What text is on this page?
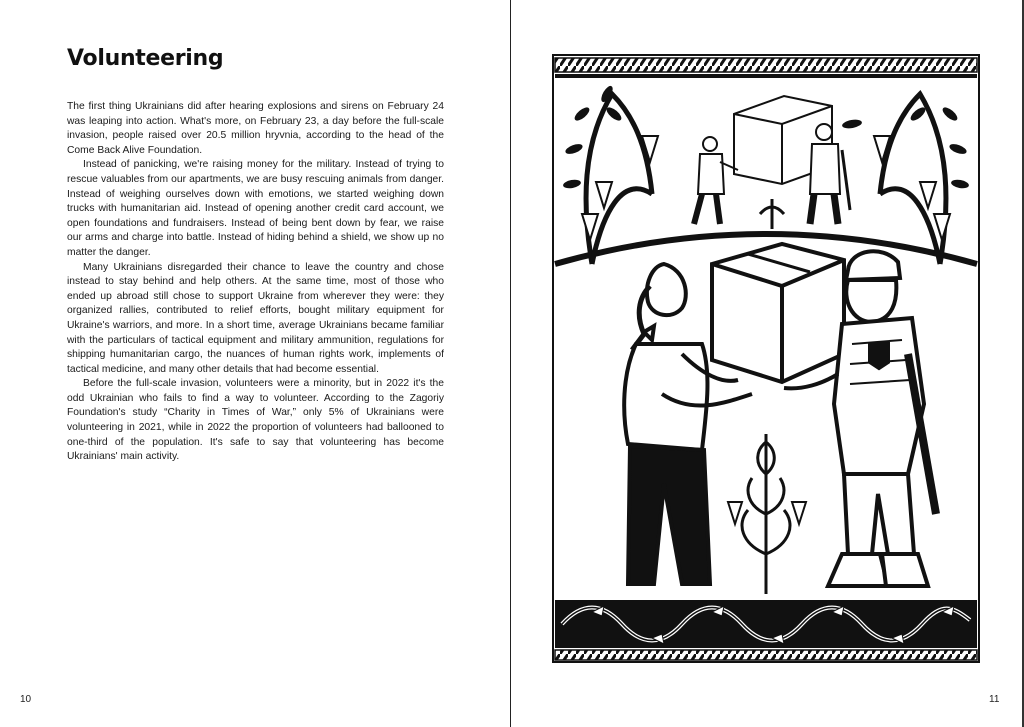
Volunteering

The first thing Ukrainians did after hearing explosions and sirens on February 24 was leaping into action. What's more, on February 23, a day before the full-scale invasion, people raised over 20.5 million hryvnia, according to the head of the Come Back Alive Foundation.

Instead of panicking, we're raising money for the military. Instead of trying to rescue valuables from our apartments, we are busy rescuing animals from danger. Instead of weighing ourselves down with emotions, we started weighing down trucks with humanitarian aid. Instead of opening another credit card account, we open foundations and fundraisers. Instead of being bent down by fear, we raise our arms and charge into battle. Instead of hiding behind a shield, we show up no matter the danger.

Many Ukrainians disregarded their chance to leave the country and chose instead to stay behind and help others. At the same time, most of those who ended up abroad still chose to support Ukraine from wherever they were: they organized rallies, contributed to relief efforts, bought military equipment for Ukraine's warriors, and more. In a short time, average Ukrainians became familiar with the particulars of tactical equipment and military ammunition, regulations for shipping humanitarian cargo, the nuances of human rights work, implements of tactical medicine, and many other details that had become essential.

Before the full-scale invasion, volunteers were a minority, but in 2022 it's the odd Ukrainian who fails to find a way to volunteer. According to the Zagoriy Foundation's study “Charity in Times of War,” only 5% of Ukrainians were volunteering in 2021, while in 2022 the proportion of volunteers had ballooned to one-third of the population. It's safe to say that volunteering has become Ukrainians' main activity.

10	11
